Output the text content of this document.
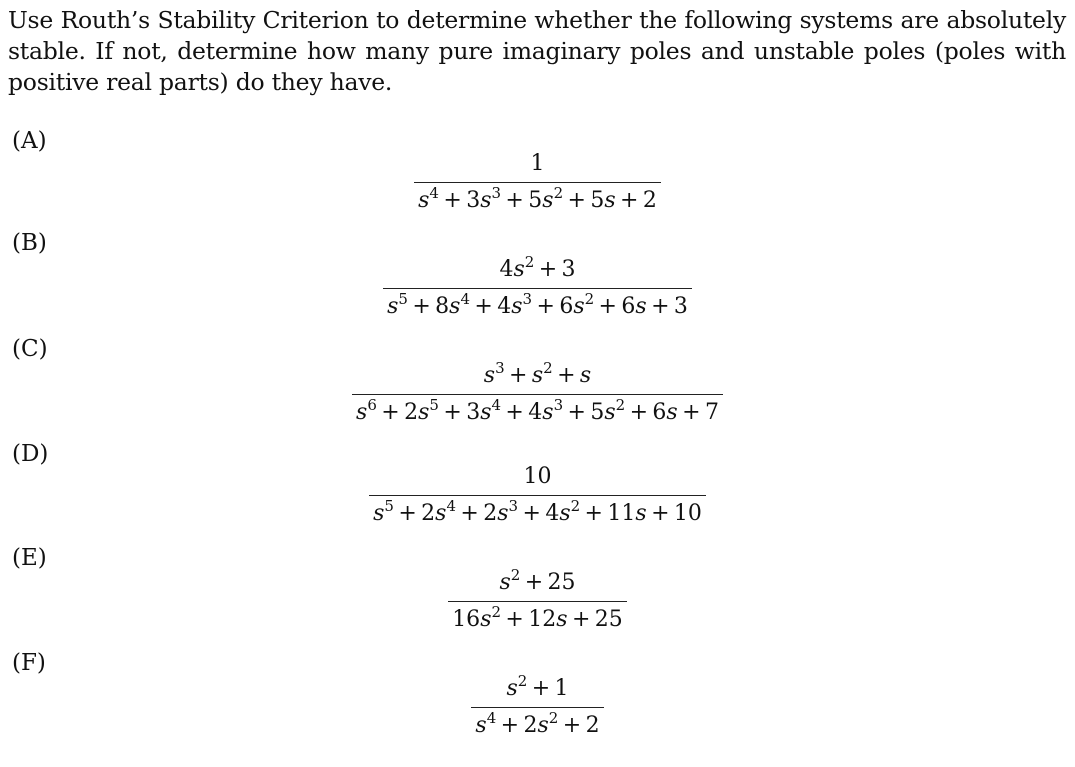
Use Routh’s Stability Criterion to determine whether the following systems are absolutely
stable. If not, determine how many pure imaginary poles and unstable poles (poles with
positive real parts) do they have.
(A)
$\frac{1}{s^4 + 3s^3 + 5s^2 + 5s + 2}$
(B)
$\frac{4s^2 + 3}{s^5 + 8s^4 + 4s^3 + 6s^2 + 6s + 3}$
(C)
$\frac{s^3 + s^2 + s}{s^6 + 2s^5 + 3s^4 + 4s^3 + 5s^2 + 6s + 7}$
(D)
$\frac{10}{s^5 + 2s^4 + 2s^3 + 4s^2 + 11s + 10}$
(E)
$\frac{s^2 + 25}{16s^2 + 12s + 25}$
(F)
$\frac{s^2 + 1}{s^4 + 2s^2 + 2}$
